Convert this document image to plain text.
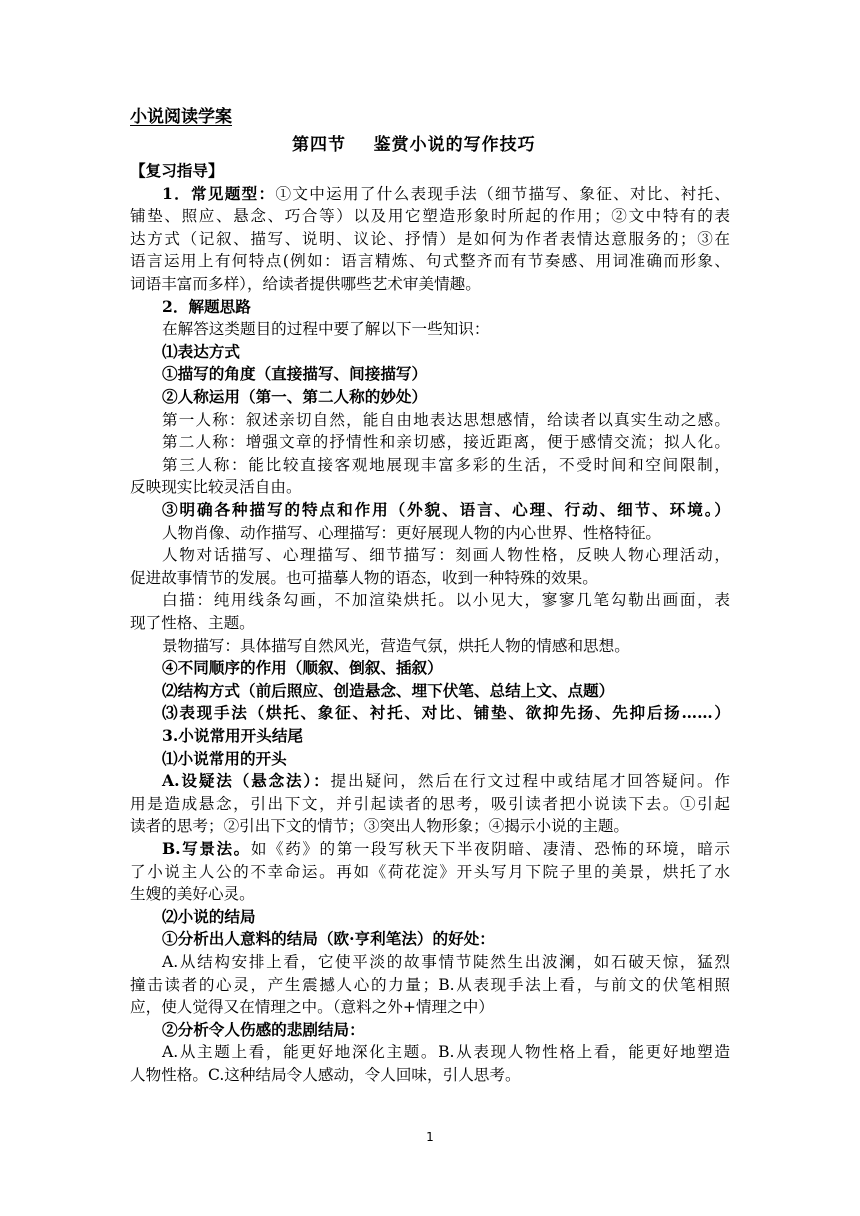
小说阅读学案
第四节    鉴赏小说的写作技巧
【复习指导】
1．常见题型：①文中运用了什么表现手法（细节描写、象征、对比、衬托、
铺垫、照应、悬念、巧合等）以及用它塑造形象时所起的作用；②文中特有的表
达方式（记叙、描写、说明、议论、抒情）是如何为作者表情达意服务的；③在
语言运用上有何特点(例如：语言精炼、句式整齐而有节奏感、用词准确而形象、
词语丰富而多样），给读者提供哪些艺术审美情趣。
2．解题思路
在解答这类题目的过程中要了解以下一些知识：
⑴表达方式
①描写的角度（直接描写、间接描写）
②人称运用（第一、第二人称的妙处）
第一人称：叙述亲切自然，能自由地表达思想感情，给读者以真实生动之感。
第二人称：增强文章的抒情性和亲切感，接近距离，便于感情交流；拟人化。
第三人称：能比较直接客观地展现丰富多彩的生活，不受时间和空间限制，
反映现实比较灵活自由。
③明确各种描写的特点和作用（外貌、语言、心理、行动、细节、环境。）
人物肖像、动作描写、心理描写：更好展现人物的内心世界、性格特征。
人物对话描写、心理描写、细节描写：刻画人物性格，反映人物心理活动，
促进故事情节的发展。也可描摹人物的语态，收到一种特殊的效果。
白描：纯用线条勾画，不加渲染烘托。以小见大，寥寥几笔勾勒出画面，表
现了性格、主题。
景物描写：具体描写自然风光，营造气氛，烘托人物的情感和思想。
④不同顺序的作用（顺叙、倒叙、插叙）
⑵结构方式（前后照应、创造悬念、埋下伏笔、总结上文、点题）
⑶表现手法（烘托、象征、衬托、对比、铺垫、欲抑先扬、先抑后扬……）
3.小说常用开头结尾
⑴小说常用的开头
A.设疑法（悬念法）：提出疑问，然后在行文过程中或结尾才回答疑问。作
用是造成悬念，引出下文，并引起读者的思考，吸引读者把小说读下去。①引起
读者的思考；②引出下文的情节；③突出人物形象；④揭示小说的主题。
B.写景法。如《药》的第一段写秋天下半夜阴暗、凄清、恐怖的环境，暗示
了小说主人公的不幸命运。再如《荷花淀》开头写月下院子里的美景，烘托了水
生嫂的美好心灵。
⑵小说的结局
①分析出人意料的结局（欧·亨利笔法）的好处：
A.从结构安排上看，它使平淡的故事情节陡然生出波澜，如石破天惊，猛烈
撞击读者的心灵，产生震撼人心的力量；B.从表现手法上看，与前文的伏笔相照
应，使人觉得又在情理之中。（意料之外+情理之中）
②分析令人伤感的悲剧结局：
A.从主题上看，能更好地深化主题。B.从表现人物性格上看，能更好地塑造
人物性格。C.这种结局令人感动，令人回味，引人思考。
1
